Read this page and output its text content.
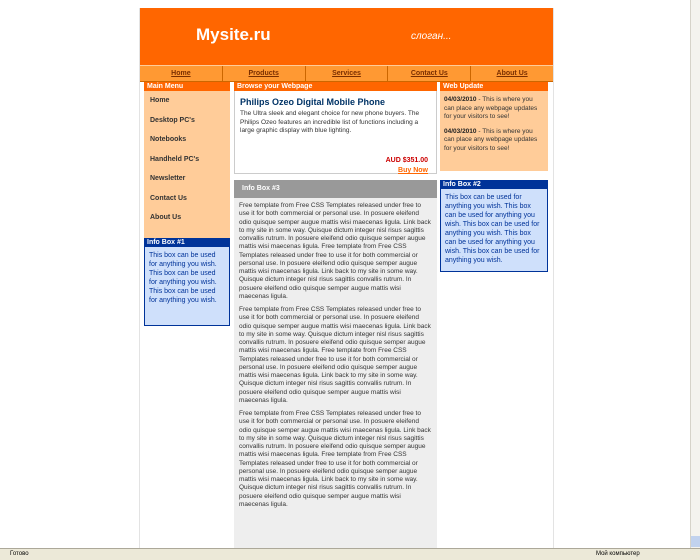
Mysite.ru	слоган...
Home	Products	Services	Contact Us	About Us
Main Menu
Home
Desktop PC's
Notebooks
Handheld PC's
Newsletter
Contact Us
About Us
Info Box #1
This box can be used for anything you wish. This box can be used for anything you wish. This box can be used for anything you wish.
Browse your Webpage
Philips Ozeo Digital Mobile Phone
The Ultra sleek and elegant choice for new phone buyers. The Philips Ozeo features an incredible list of functions including a large graphic display with blue lighting.
AUD $351.00
Buy Now
Info Box #3

Free template from Free CSS Templates released under free to use it for both commercial or personal use. In posuere eleifend odio quisque semper augue mattis wisi maecenas ligula. Link back to my site in some way. Quisque dictum integer nisl risus sagittis convallis rutrum. In posuere eleifend odio quisque semper augue mattis wisi maecenas ligula. Free template from Free CSS Templates released under free to use it for both commercial or personal use. In posuere eleifend odio quisque semper augue mattis wisi maecenas ligula. Link back to my site in some way. Quisque dictum integer nisl risus sagittis convallis rutrum. In posuere eleifend odio quisque semper augue mattis wisi maecenas ligula.

Free template from Free CSS Templates released under free to use it for both commercial or personal use. In posuere eleifend odio quisque semper augue mattis wisi maecenas ligula. Link back to my site in some way. Quisque dictum integer nisl risus sagittis convallis rutrum. In posuere eleifend odio quisque semper augue mattis wisi maecenas ligula. Free template from Free CSS Templates released under free to use it for both commercial or personal use. In posuere eleifend odio quisque semper augue mattis wisi maecenas ligula. Link back to my site in some way. Quisque dictum integer nisl risus sagittis convallis rutrum. In posuere eleifend odio quisque semper augue mattis wisi maecenas ligula.

Free template from Free CSS Templates released under free to use it for both commercial or personal use. In posuere eleifend odio quisque semper augue mattis wisi maecenas ligula. Link back to my site in some way. Quisque dictum integer nisl risus sagittis convallis rutrum. In posuere eleifend odio quisque semper augue mattis wisi maecenas ligula. Free template from Free CSS Templates released under free to use it for both commercial or personal use. In posuere eleifend odio quisque semper augue mattis wisi maecenas ligula. Link back to my site in some way. Quisque dictum integer nisl risus sagittis convallis rutrum. In posuere eleifend odio quisque semper augue mattis wisi maecenas ligula.

Web Update
04/03/2010 - This is where you can place any webpage updates for your visitors to see!
04/03/2010 - This is where you can place any webpage updates for your visitors to see!
Info Box #2
This box can be used for anything you wish. This box can be used for anything you wish. This box can be used for anything you wish. This box can be used for anything you wish. This box can be used for anything you wish.
Готово	Мой компьютер
